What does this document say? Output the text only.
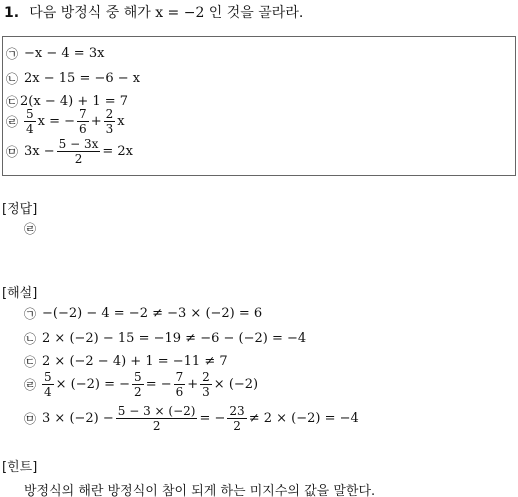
1. 다음 방정식 중 해가 x = −2 인 것을 골라라.
㉠ −x − 4 = 3x
㉡ 2x − 15 = −6 − x
㉢ 2(x − 4) + 1 = 7
㉣ $\frac{5}{4}$ x = − $\frac{7}{6} + \frac{2}{3}$ x
㉤ $3x - \frac{5 - 3x}{2} = 2x$
[정답]
㉣
[해설]
㉠ −(−2) − 4 = −2 ≠ −3 × (−2) = 6
㉡ 2 × (−2) − 15 = −19 ≠ −6 − (−2) = −4
㉢ 2 × (−2 − 4) + 1 = −11 ≠ 7
㉣ $\frac{5}{4} \times (-2)$ = − $\frac{5}{2}$ = − $\frac{7}{6} + \frac{2}{3} \times (-2)$
㉤ $3 \times (-2) - \frac{5 - 3 \times (-2)}{2}$ = − $\frac{23}{2} \ne 2 \times (-2) = -4$
[힌트]
방정식의 해란 방정식이 참이 되게 하는 미지수의 값을 말한다.
